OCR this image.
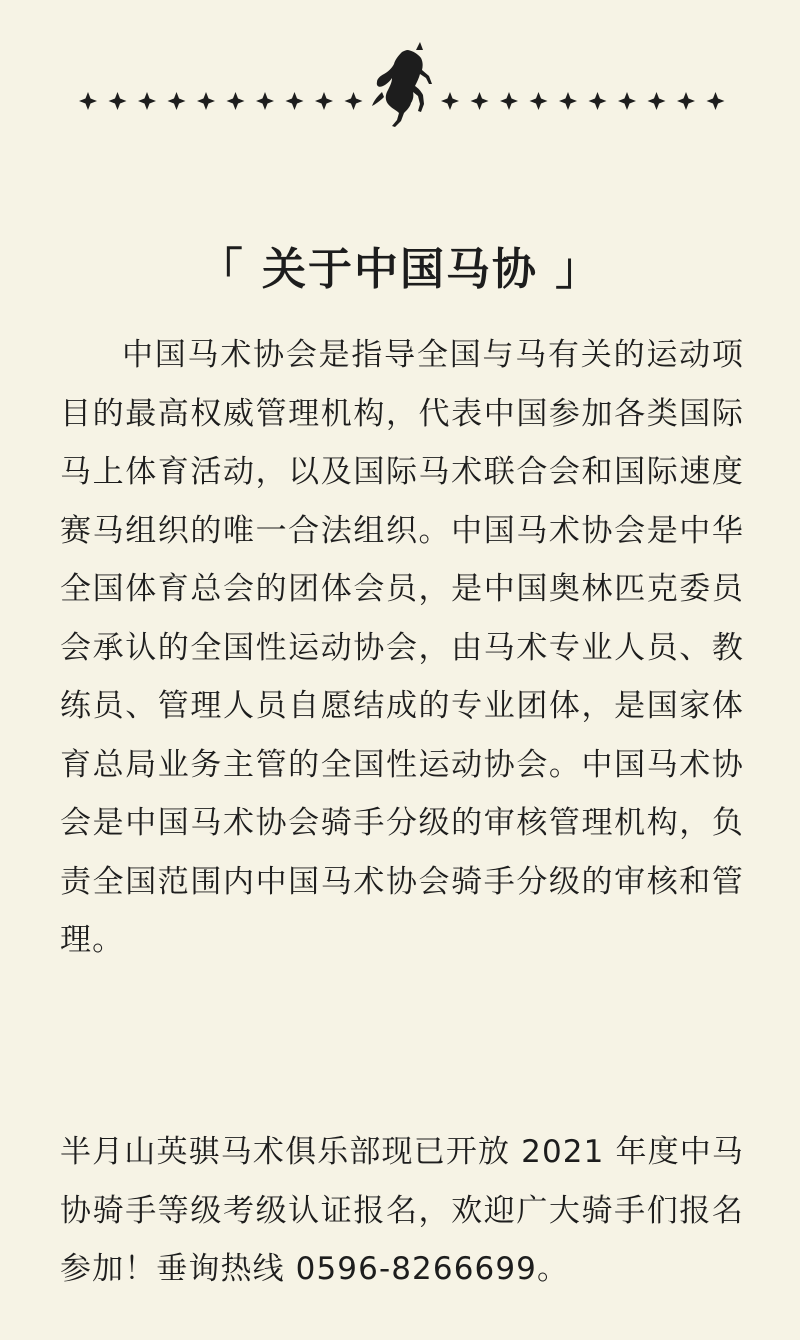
「 关于中国马协 」

中国马术协会是指导全国与马有关的运动项目的最高权威管理机构，代表中国参加各类国际马上体育活动，以及国际马术联合会和国际速度赛马组织的唯一合法组织。中国马术协会是中华全国体育总会的团体会员，是中国奥林匹克委员会承认的全国性运动协会，由马术专业人员、教练员、管理人员自愿结成的专业团体，是国家体育总局业务主管的全国性运动协会。中国马术协会是中国马术协会骑手分级的审核管理机构，负责全国范围内中国马术协会骑手分级的审核和管理。

半月山英骐马术俱乐部现已开放 2021 年度中马协骑手等级考级认证报名，欢迎广大骑手们报名参加！垂询热线 0596-8266699。
